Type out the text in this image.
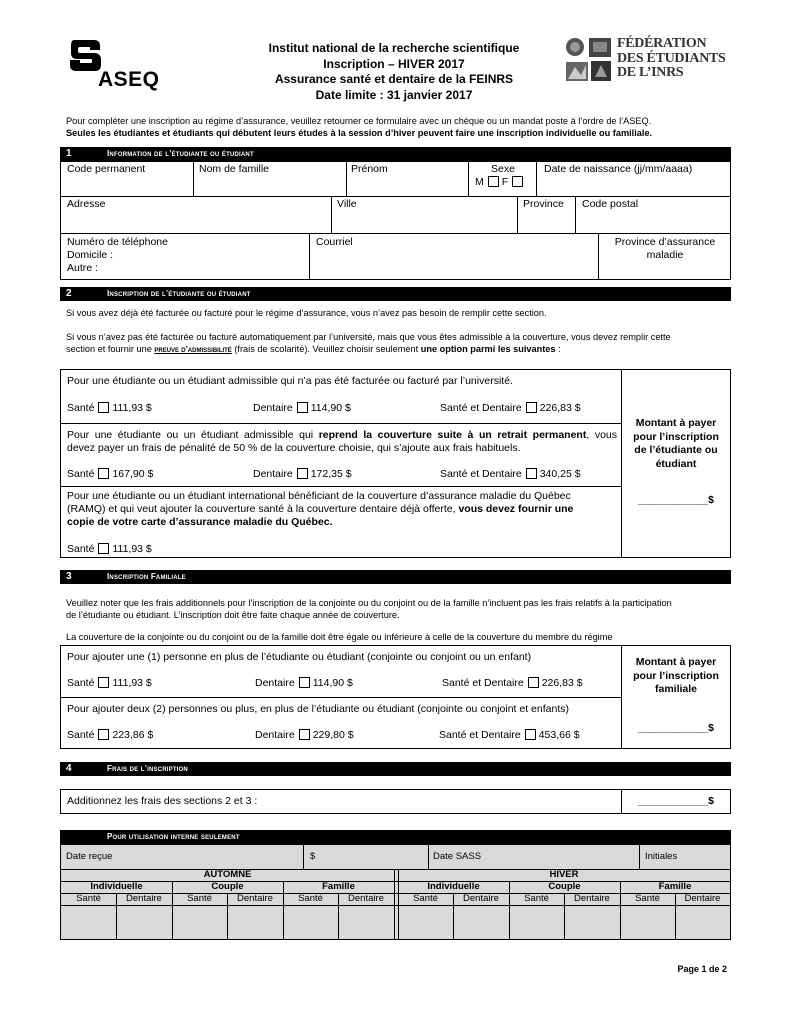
ASEQ
Institut national de la recherche scientifique
Inscription – HIVER 2017
Assurance santé et dentaire de la FEINRS
Date limite : 31 janvier 2017
FÉDÉRATION
DES ÉTUDIANTS
DE L’INRS
Pour compléter une inscription au régime d’assurance, veuillez retourner ce formulaire avec un chèque ou un mandat poste à l’ordre de l’ASEQ.
Seules les étudiantes et étudiants qui débutent leurs études à la session d’hiver peuvent faire une inscription individuelle ou familiale.
1	Information de l’étudiante ou étudiant
Code permanent	Nom de famille	Prénom	Sexe
M F
Date de naissance (jj/mm/aaaa)
Adresse	Ville	Province Code postal
Numéro de téléphone
Domicile :
Autre :
Courriel	Province d’assurance
maladie
2	Inscription de l’étudiante ou étudiant
Si vous avez déjà été facturée ou facturé pour le régime d’assurance, vous n’avez pas besoin de remplir cette section.
Si vous n’avez pas été facturée ou facturé automatiquement par l’université, mais que vous êtes admissible à la couverture, vous devez remplir cette
section et fournir une preuve d’admissibilité (frais de scolarité). Veuillez choisir seulement une option parmi les suivantes :
Pour une étudiante ou un étudiant admissible qui n’a pas été facturée ou facturé par l’université.
Santé 111,93 $	Dentaire 114,90 $	Santé et Dentaire 226,83 $
Pour une étudiante ou un étudiant admissible qui reprend la couverture suite à un retrait permanent, vous
devez payer un frais de pénalité de 50 % de la couverture choisie, qui s’ajoute aux frais habituels.
Santé 167,90 $	Dentaire 172,35 $	Santé et Dentaire 340,25 $
Pour une étudiante ou un étudiant international bénéficiant de la couverture d’assurance maladie du Québec
(RAMQ) et qui veut ajouter la couverture santé à la couverture dentaire déjà offerte, vous devez fournir une
copie de votre carte d’assurance maladie du Québec.
Santé 111,93 $
Montant à payer
pour l’inscription
de l’étudiante ou
étudiant
____________$
3	Inscription Familiale
Veuillez noter que les frais additionnels pour l’inscription de la conjointe ou du conjoint ou de la famille n’incluent pas les frais relatifs à la participation
de l’étudiante ou étudiant. L’inscription doit être faite chaque année de couverture.
La couverture de la conjointe ou du conjoint ou de la famille doit être égale ou inférieure à celle de la couverture du membre du régime
Pour ajouter une (1) personne en plus de l’étudiante ou étudiant (conjointe ou conjoint ou un enfant)
Santé 111,93 $	Dentaire 114,90 $	Santé et Dentaire 226,83 $
Pour ajouter deux (2) personnes ou plus, en plus de l’étudiante ou étudiant (conjointe ou conjoint et enfants)
Santé 223,86 $	Dentaire 229,80 $	Santé et Dentaire 453,66 $
Montant à payer
pour l’inscription
familiale
____________$
4	Frais de l’inscription
Additionnez les frais des sections 2 et 3 :	____________$
Pour utilisation interne seulement
Date reçue	$	Date SASS	Initiales
AUTOMNE	HIVER
Individuelle	Couple	Famille	Individuelle	Couple	Famille
Santé	Dentaire	Santé	Dentaire	Santé	Dentaire	Santé	Dentaire	Santé	Dentaire	Santé	Dentaire
Page 1 de 2
